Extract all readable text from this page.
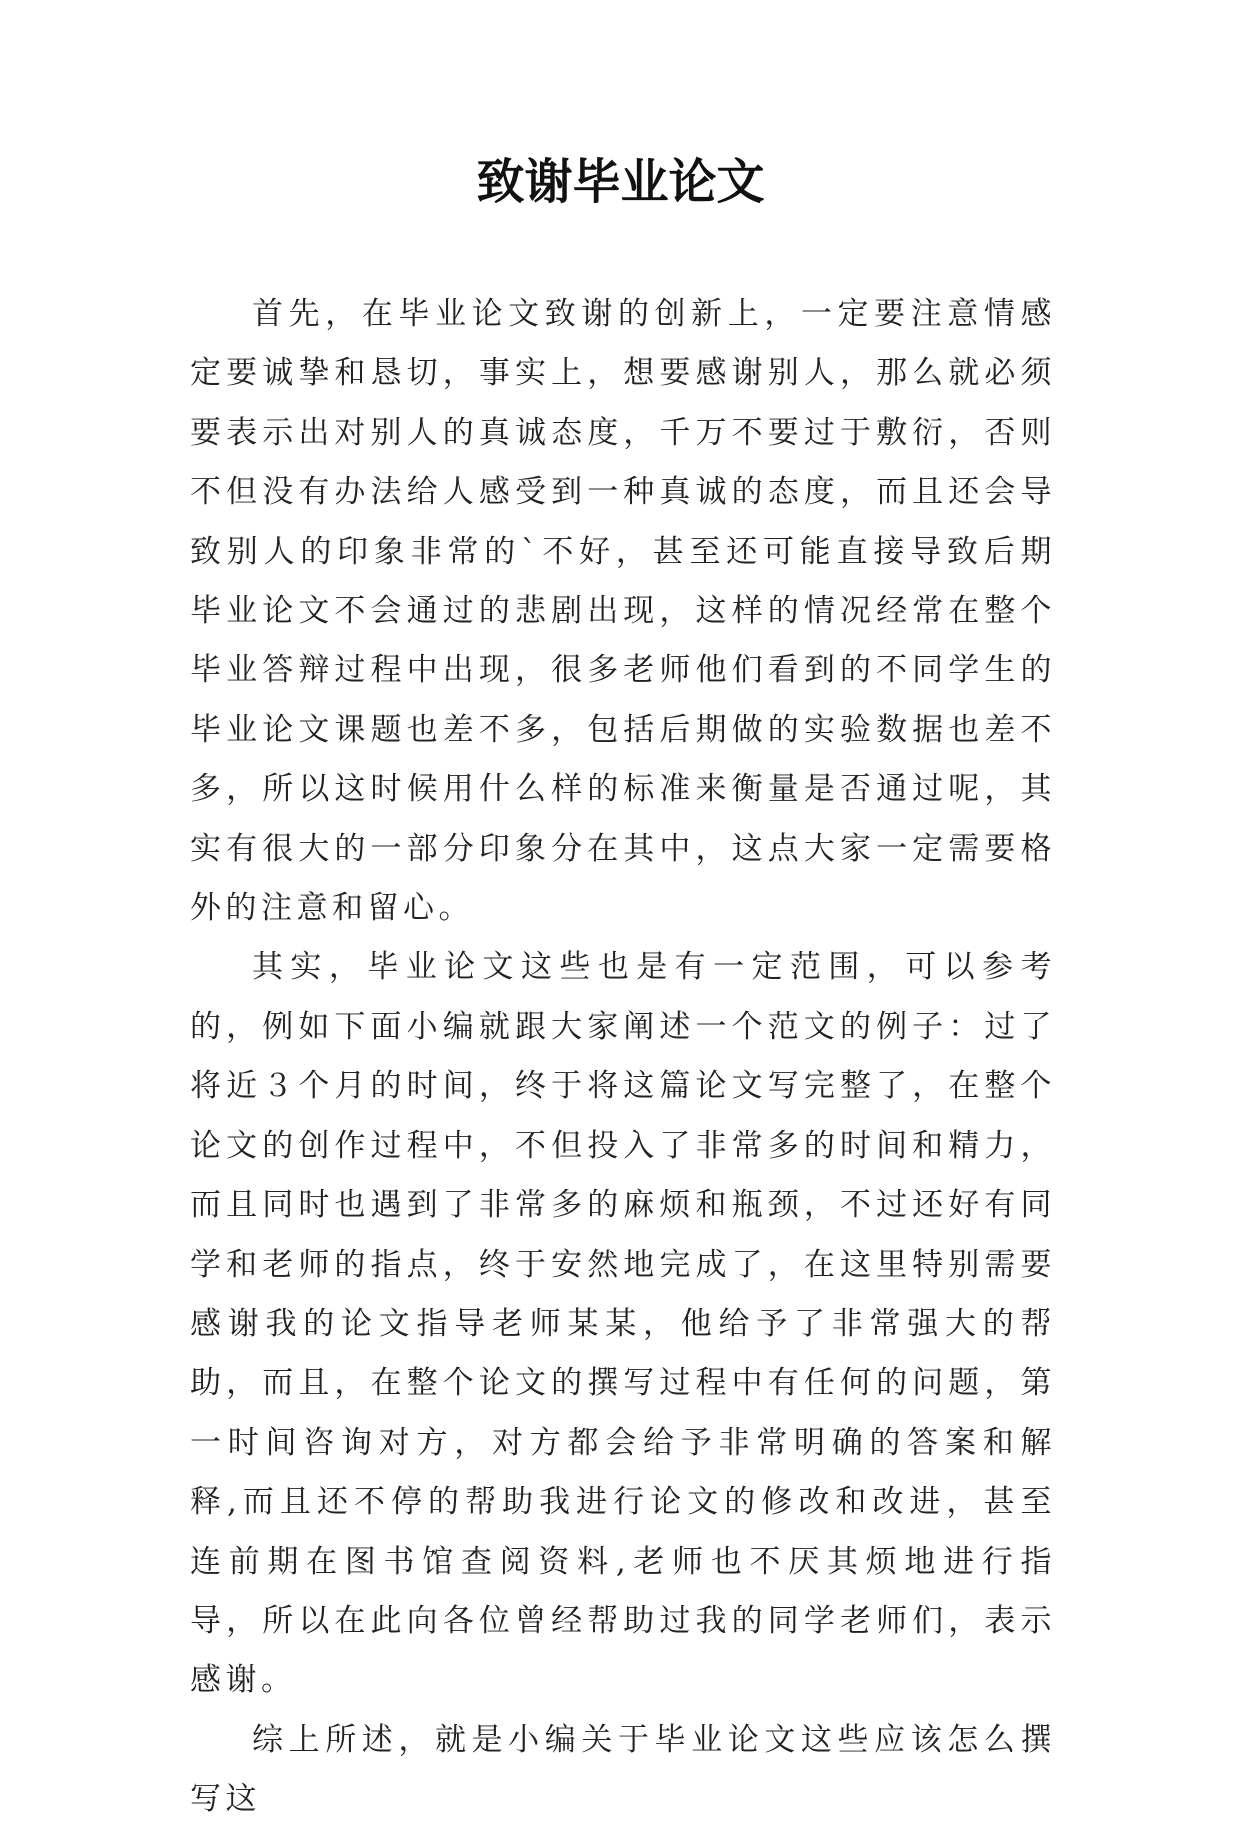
致谢毕业论文

首先，在毕业论文致谢的创新上，一定要注意情感定要诚挚和恳切，事实上，想要感谢别人，那么就必须要表示出对别人的真诚态度，千万不要过于敷衍，否则不但没有办法给人感受到一种真诚的态度，而且还会导致别人的印象非常的`不好，甚至还可能直接导致后期毕业论文不会通过的悲剧出现，这样的情况经常在整个毕业答辩过程中出现，很多老师他们看到的不同学生的毕业论文课题也差不多，包括后期做的实验数据也差不多，所以这时候用什么样的标准来衡量是否通过呢，其实有很大的一部分印象分在其中，这点大家一定需要格外的注意和留心。

其实，毕业论文这些也是有一定范围，可以参考的，例如下面小编就跟大家阐述一个范文的例子：过了将近３个月的时间，终于将这篇论文写完整了，在整个论文的创作过程中，不但投入了非常多的时间和精力，而且同时也遇到了非常多的麻烦和瓶颈，不过还好有同学和老师的指点，终于安然地完成了，在这里特别需要感谢我的论文指导老师某某，他给予了非常强大的帮助，而且，在整个论文的撰写过程中有任何的问题，第一时间咨询对方，对方都会给予非常明确的答案和解释,而且还不停的帮助我进行论文的修改和改进，甚至连前期在图书馆查阅资料,老师也不厌其烦地进行指导，所以在此向各位曾经帮助过我的同学老师们，表示感谢。

综上所述，就是小编关于毕业论文这些应该怎么撰写这
